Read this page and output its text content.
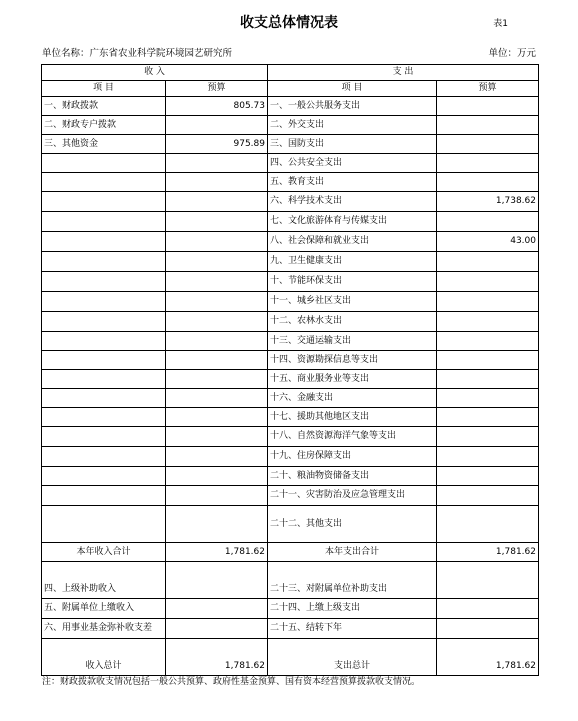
收支总体情况表	表1
单位名称：广东省农业科学院环境园艺研究所	单位：万元
收 入		支 出	
项 目	预算	项 目	预算
一、财政拨款	805.73	一、一般公共服务支出	
二、财政专户拨款		二、外交支出	
三、其他资金	975.89	三、国防支出	
		四、公共安全支出	
		五、教育支出	
		六、科学技术支出	1,738.62
		七、文化旅游体育与传媒支出	
		八、社会保障和就业支出	43.00
		九、卫生健康支出	
		十、节能环保支出	
		十一、城乡社区支出	
		十二、农林水支出	
		十三、交通运输支出	
		十四、资源勘探信息等支出	
		十五、商业服务业等支出	
		十六、金融支出	
		十七、援助其他地区支出	
		十八、自然资源海洋气象等支出	
		十九、住房保障支出	
		二十、粮油物资储备支出	
		二十一、灾害防治及应急管理支出	
		二十二、其他支出	
本年收入合计	1,781.62	本年支出合计	1,781.62
四、上级补助收入		二十三、对附属单位补助支出	
五、附属单位上缴收入		二十四、上缴上级支出	
六、用事业基金弥补收支差		二十五、结转下年	
收入总计	1,781.62	支出总计	1,781.62
注：财政拨款收支情况包括一般公共预算、政府性基金预算、国有资本经营预算拨款收支情况。
